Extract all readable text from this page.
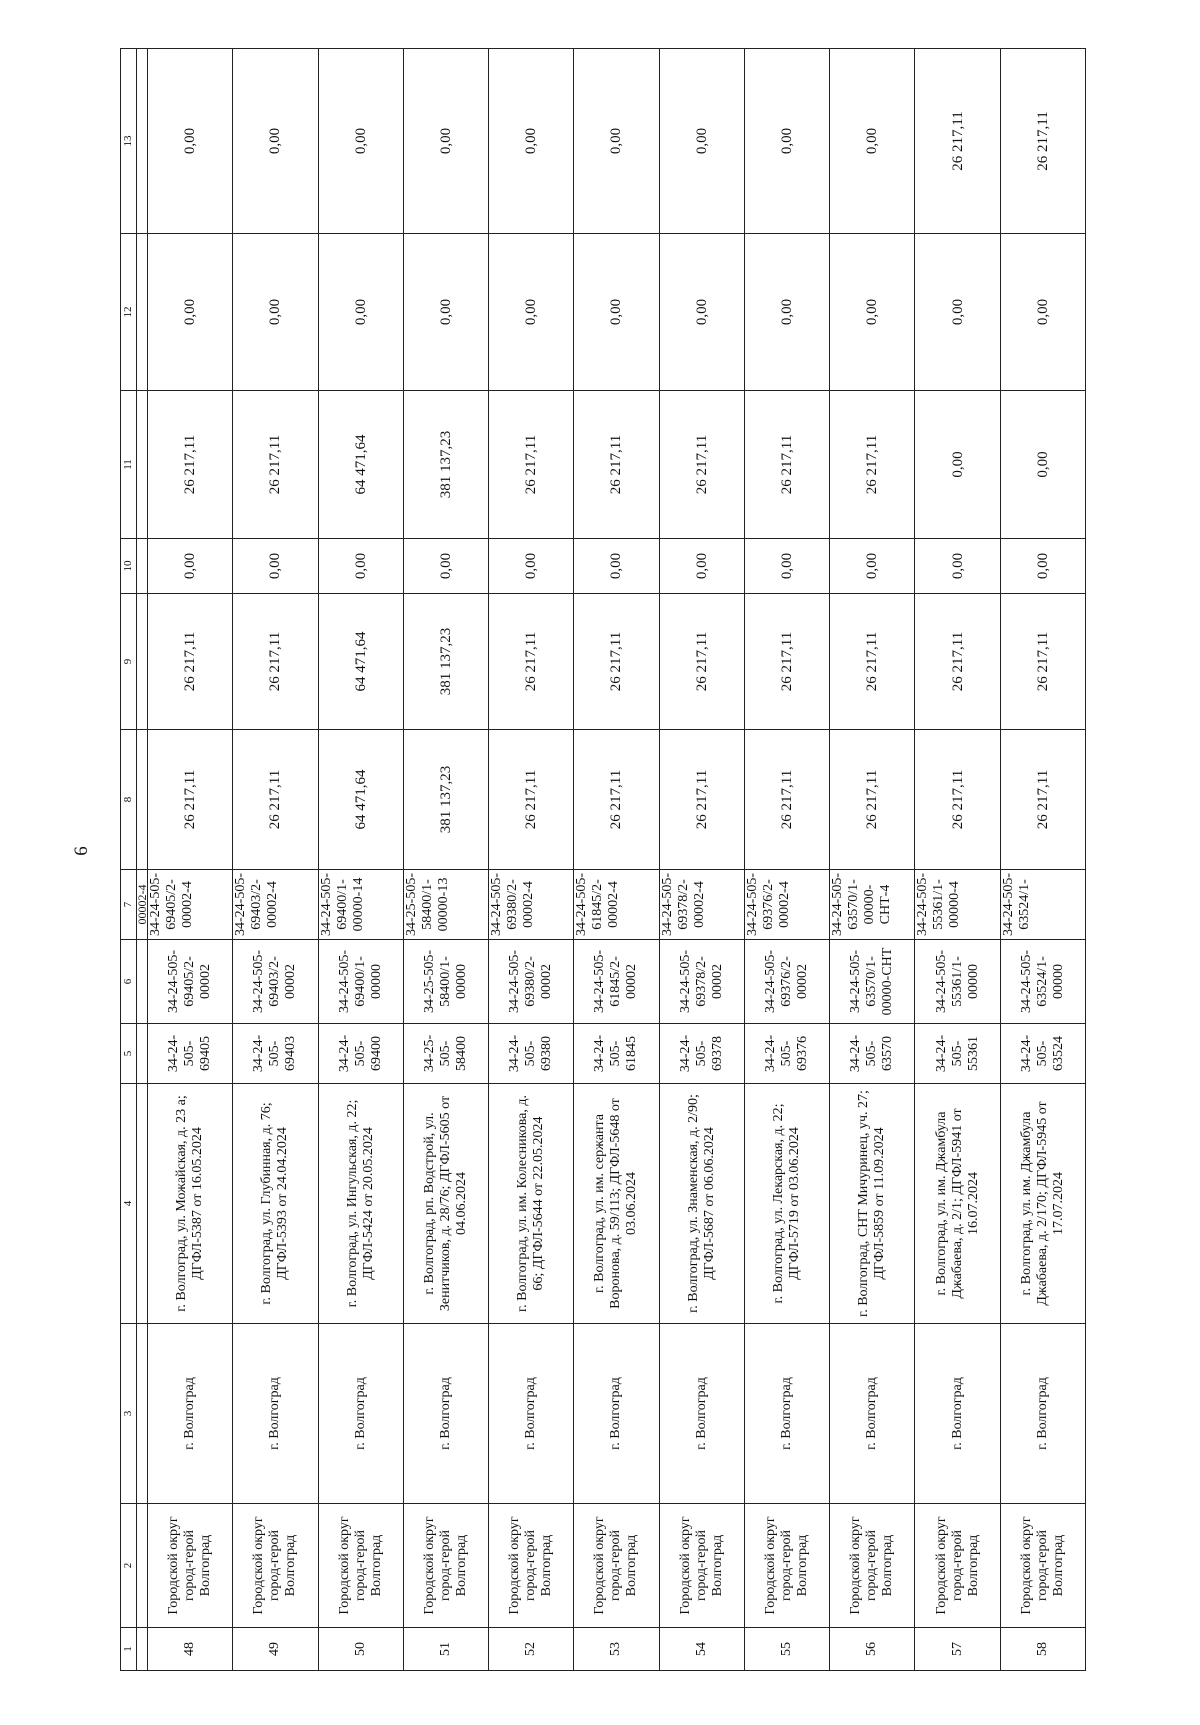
6
1	2	3	4	5	6	7	8	9	10	11	12	13
						00002-4						
48	Городской округ город-герой Волгоград	г. Волгоград	г. Волгоград, ул. Можайская, д. 23 а; ДГФЛ-5387 от 16.05.2024	34-24-505-69405	34-24-505-69405/2-00002	34-24-505-69405/2-00002-4	26 217,11	26 217,11	0,00	26 217,11	0,00	0,00
49	Городской округ город-герой Волгоград	г. Волгоград	г. Волгоград, ул. Глубинная, д. 76; ДГФЛ-5393 от 24.04.2024	34-24-505-69403	34-24-505-69403/2-00002	34-24-505-69403/2-00002-4	26 217,11	26 217,11	0,00	26 217,11	0,00	0,00
50	Городской округ город-герой Волгоград	г. Волгоград	г. Волгоград, ул. Ингульская, д. 22; ДГФЛ-5424 от 20.05.2024	34-24-505-69400	34-24-505-69400/1-00000	34-24-505-69400/1-00000-14	64 471,64	64 471,64	0,00	64 471,64	0,00	0,00
51	Городской округ город-герой Волгоград	г. Волгоград	г. Волгоград, рп. Водстрой, ул. Зенитчиков, д. 28/76; ДГФЛ-5605 от 04.06.2024	34-25-505-58400	34-25-505-58400/1-00000	34-25-505-58400/1-00000-13	381 137,23	381 137,23	0,00	381 137,23	0,00	0,00
52	Городской округ город-герой Волгоград	г. Волгоград	г. Волгоград, ул. им. Колесникова, д. 66; ДГФЛ-5644 от 22.05.2024	34-24-505-69380	34-24-505-69380/2-00002	34-24-505-69380/2-00002-4	26 217,11	26 217,11	0,00	26 217,11	0,00	0,00
53	Городской округ город-герой Волгоград	г. Волгоград	г. Волгоград, ул. им. сержанта Воронова, д. 59/113; ДГФЛ-5648 от 03.06.2024	34-24-505-61845	34-24-505-61845/2-00002	34-24-505-61845/2-00002-4	26 217,11	26 217,11	0,00	26 217,11	0,00	0,00
54	Городской округ город-герой Волгоград	г. Волгоград	г. Волгоград, ул. Знаменская, д. 2/90; ДГФЛ-5687 от 06.06.2024	34-24-505-69378	34-24-505-69378/2-00002	34-24-505-69378/2-00002-4	26 217,11	26 217,11	0,00	26 217,11	0,00	0,00
55	Городской округ город-герой Волгоград	г. Волгоград	г. Волгоград, ул. Лекарская, д. 22; ДГФЛ-5719 от 03.06.2024	34-24-505-69376	34-24-505-69376/2-00002	34-24-505-69376/2-00002-4	26 217,11	26 217,11	0,00	26 217,11	0,00	0,00
56	Городской округ город-герой Волгоград	г. Волгоград	г. Волгоград, СНТ Мичуринец, уч. 27; ДГФЛ-5859 от 11.09.2024	34-24-505-63570	34-24-505-63570/1-00000-СНТ	34-24-505-63570/1-00000-СНТ-4	26 217,11	26 217,11	0,00	26 217,11	0,00	0,00
57	Городской округ город-герой Волгоград	г. Волгоград	г. Волгоград, ул. им. Джамбула Джабаева, д. 2/1; ДГФЛ-5941 от 16.07.2024	34-24-505-55361	34-24-505-55361/1-00000	34-24-505-55361/1-00000-4	26 217,11	26 217,11	0,00	0,00	0,00	26 217,11
58	Городской округ город-герой Волгоград	г. Волгоград	г. Волгоград, ул. им. Джамбула Джабаева, д. 2/170; ДГФЛ-5945 от 17.07.2024	34-24-505-63524	34-24-505-63524/1-00000	34-24-505-63524/1-	26 217,11	26 217,11	0,00	0,00	0,00	26 217,11
